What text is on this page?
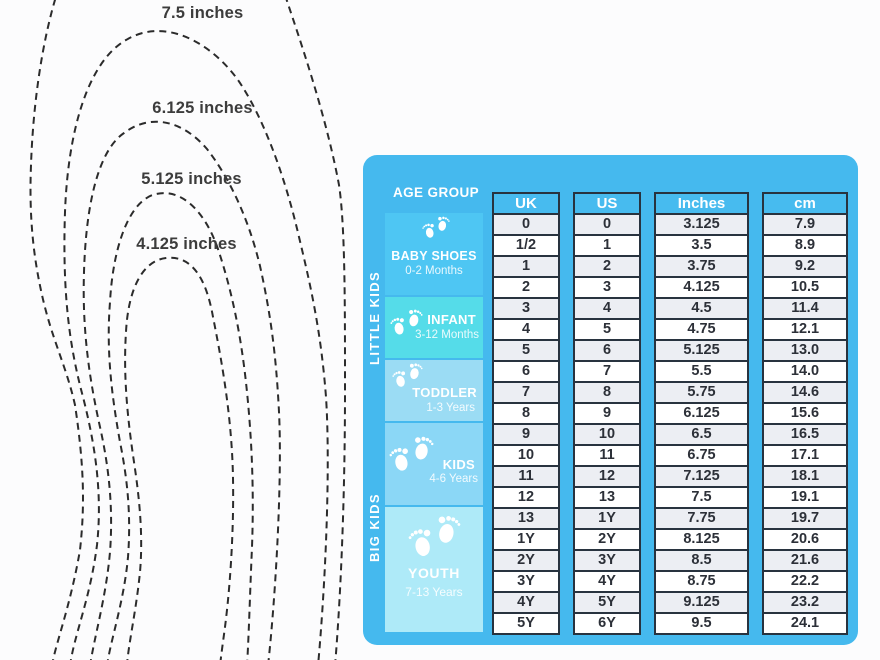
7.5 inches
6.125 inches
5.125 inches
4.125 inches
AGE GROUP
LITTLE KIDS
BIG KIDS
BABY SHOES
0-2 Months
INFANT
3-12 Months
TODDLER
1-3 Years
KIDS
4-6 Years
YOUTH
7-13 Years
UK
0
1/2
1
2
3
4
5
6
7
8
9
10
11
12
13
1Y
2Y
3Y
4Y
5Y
US
0
1
2
3
4
5
6
7
8
9
10
11
12
13
1Y
2Y
3Y
4Y
5Y
6Y
Inches
3.125
3.5
3.75
4.125
4.5
4.75
5.125
5.5
5.75
6.125
6.5
6.75
7.125
7.5
7.75
8.125
8.5
8.75
9.125
9.5
cm
7.9
8.9
9.2
10.5
11.4
12.1
13.0
14.0
14.6
15.6
16.5
17.1
18.1
19.1
19.7
20.6
21.6
22.2
23.2
24.1
